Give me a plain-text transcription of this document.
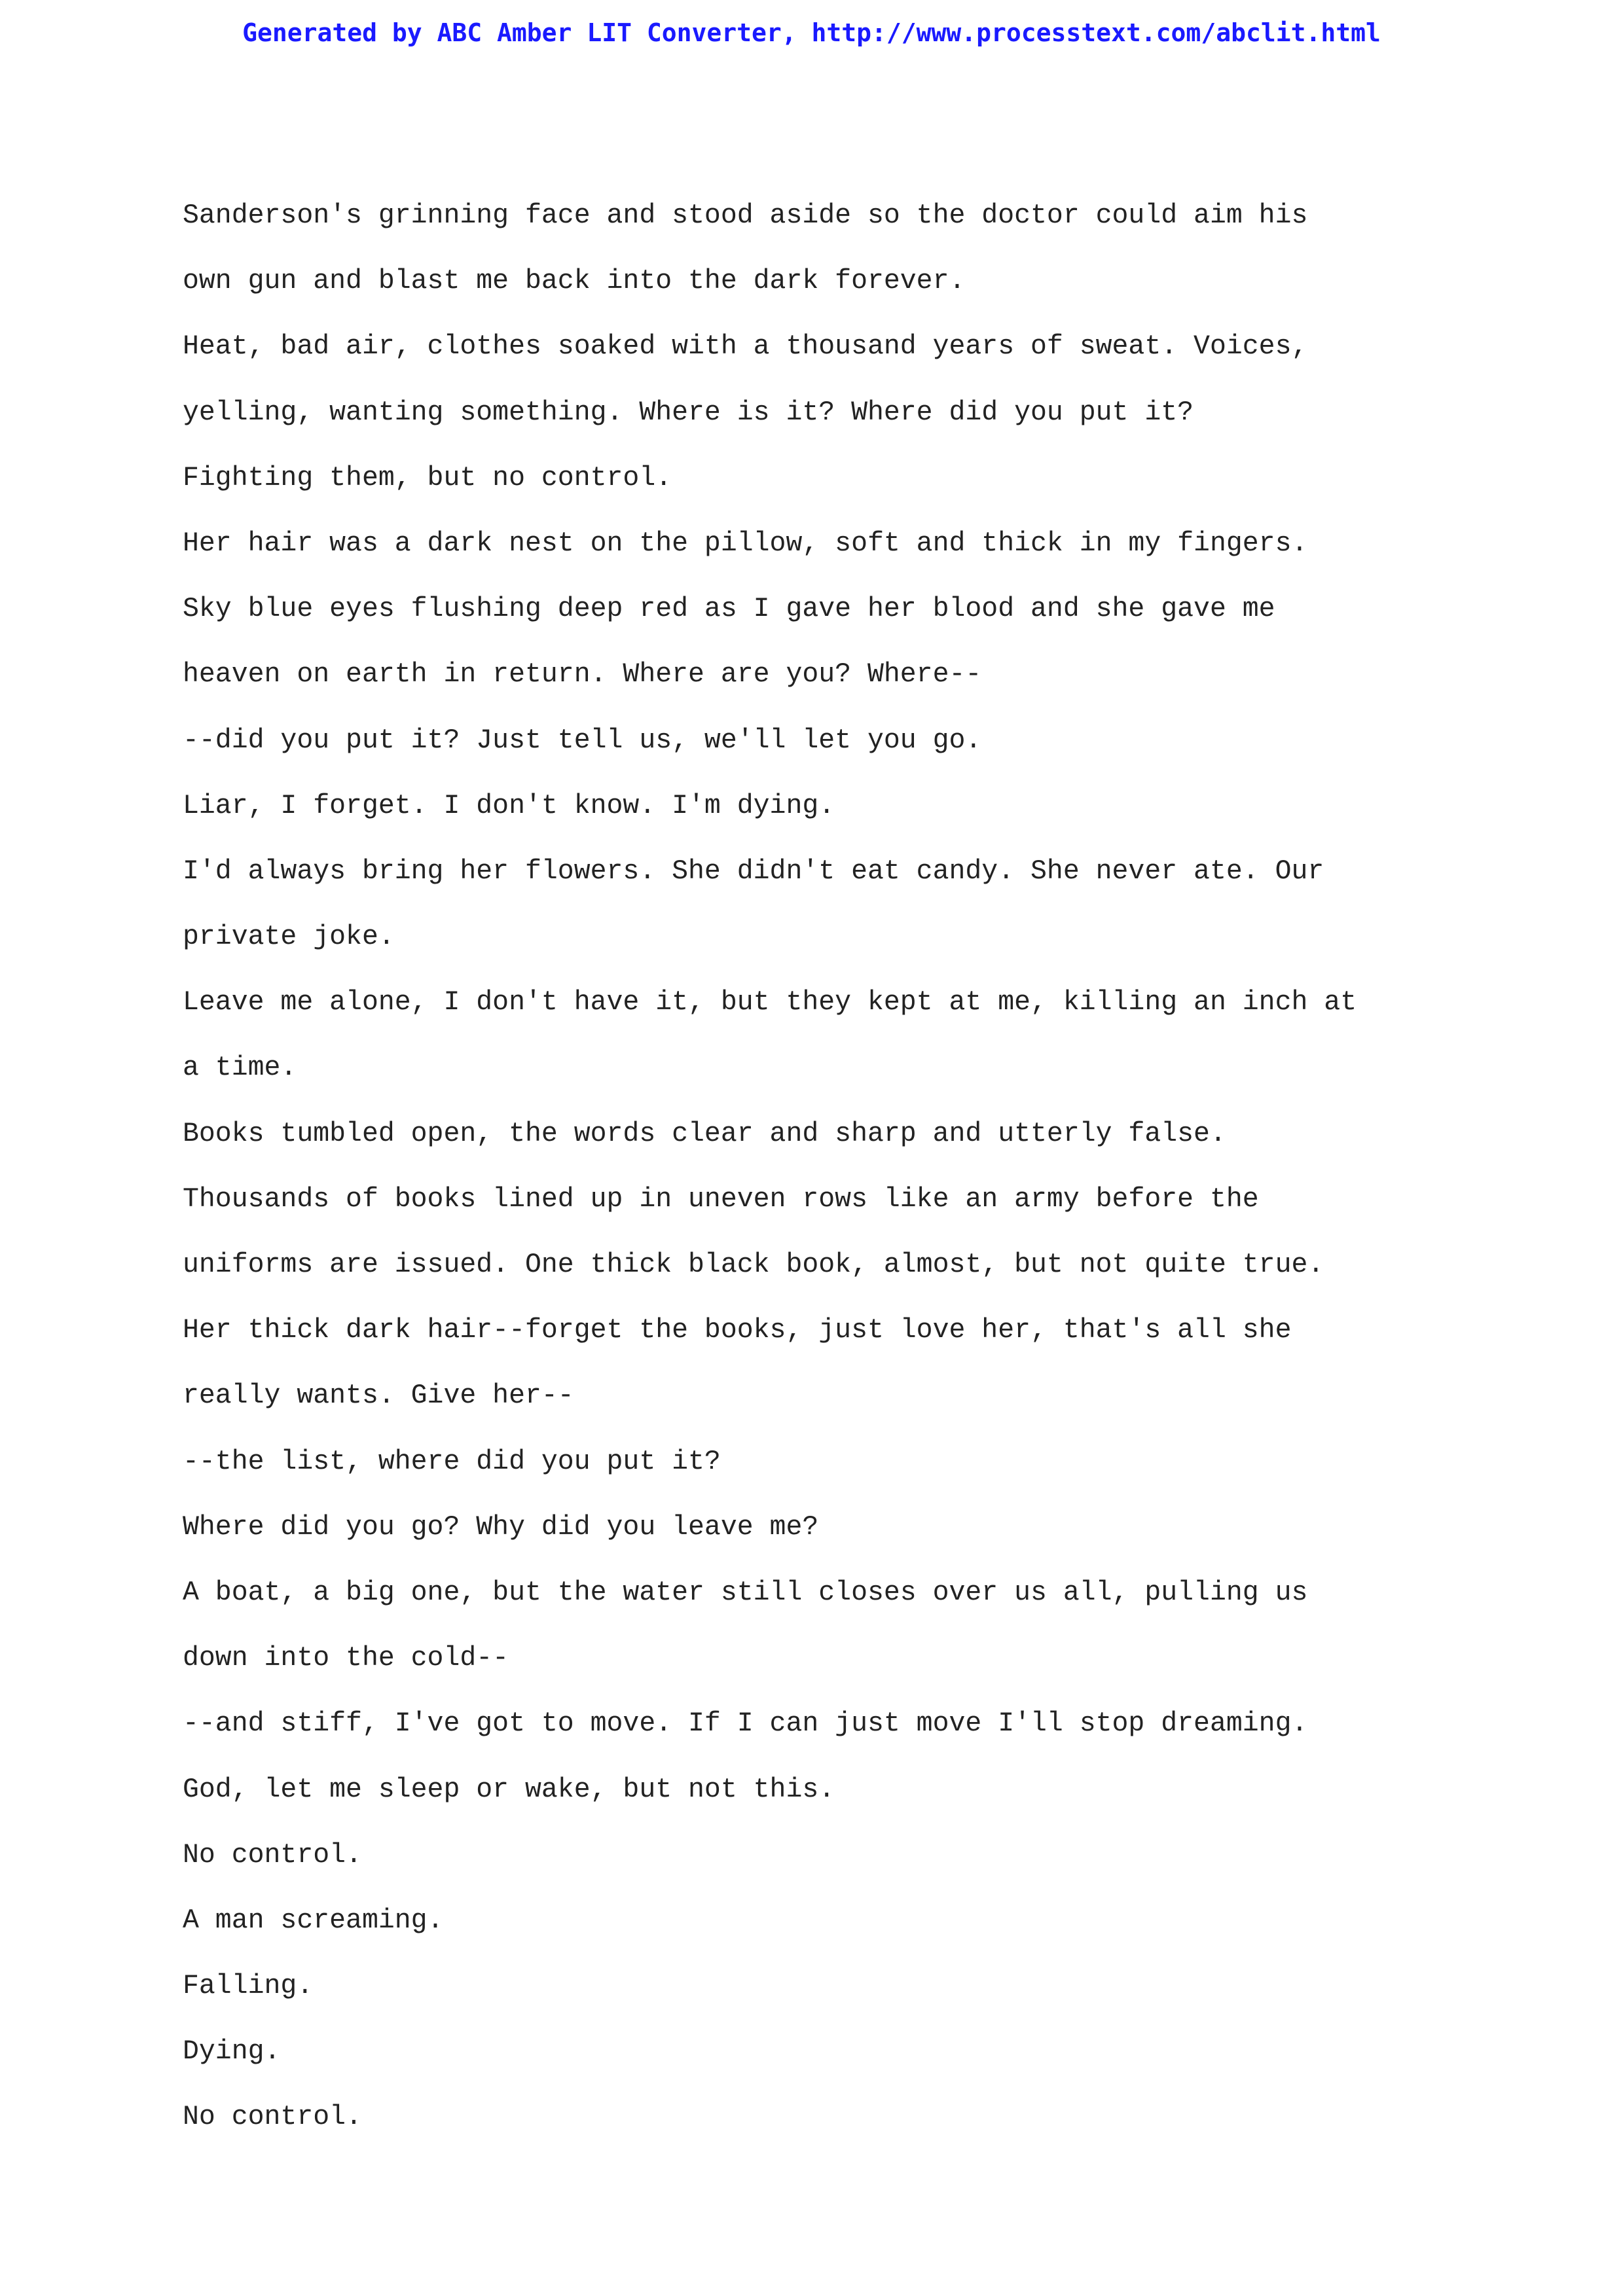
Generated by ABC Amber LIT Converter, http://www.processtext.com/abclit.html

Sanderson's grinning face and stood aside so the doctor could aim his

own gun and blast me back into the dark forever.

Heat, bad air, clothes soaked with a thousand years of sweat. Voices,

yelling, wanting something. Where is it? Where did you put it?

Fighting them, but no control.

Her hair was a dark nest on the pillow, soft and thick in my fingers.

Sky blue eyes flushing deep red as I gave her blood and she gave me

heaven on earth in return. Where are you? Where--

--did you put it? Just tell us, we'll let you go.

Liar, I forget. I don't know. I'm dying.

I'd always bring her flowers. She didn't eat candy. She never ate. Our

private joke.

Leave me alone, I don't have it, but they kept at me, killing an inch at

a time.

Books tumbled open, the words clear and sharp and utterly false.

Thousands of books lined up in uneven rows like an army before the

uniforms are issued. One thick black book, almost, but not quite true.

Her thick dark hair--forget the books, just love her, that's all she

really wants. Give her--

--the list, where did you put it?

Where did you go? Why did you leave me?

A boat, a big one, but the water still closes over us all, pulling us

down into the cold--

--and stiff, I've got to move. If I can just move I'll stop dreaming.

God, let me sleep or wake, but not this.

No control.

A man screaming.

Falling.

Dying.

No control.
